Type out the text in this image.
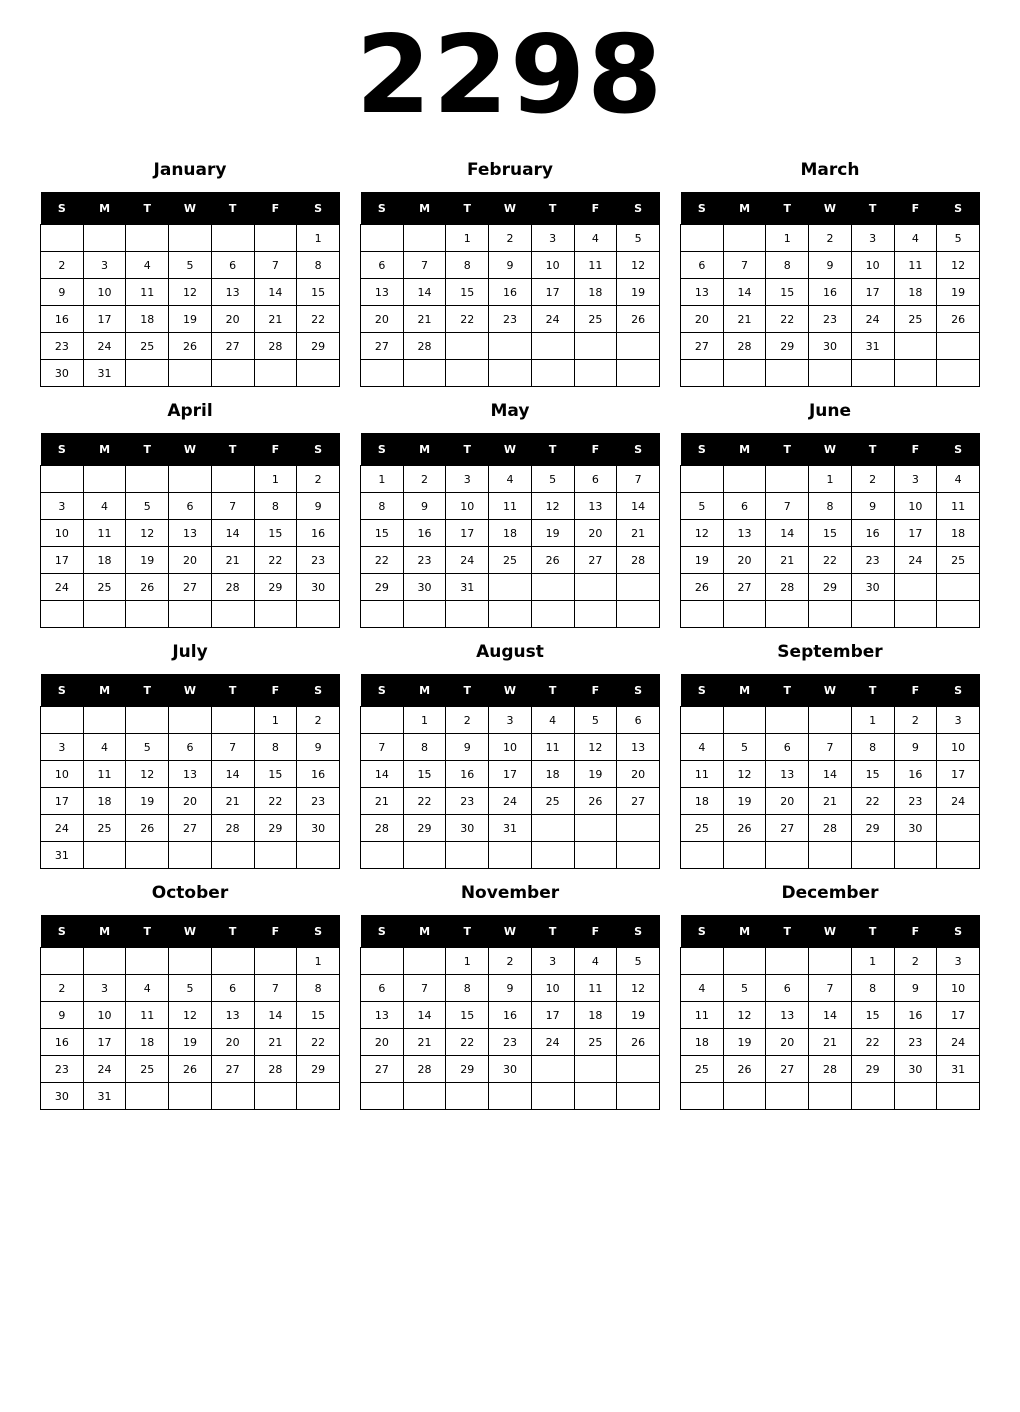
2298
January
S	M	T	W	T	F	S
						1
2	3	4	5	6	7	8
9	10	11	12	13	14	15
16	17	18	19	20	21	22
23	24	25	26	27	28	29
30	31					
February
S	M	T	W	T	F	S
		1	2	3	4	5
6	7	8	9	10	11	12
13	14	15	16	17	18	19
20	21	22	23	24	25	26
27	28					

March
S	M	T	W	T	F	S
		1	2	3	4	5
6	7	8	9	10	11	12
13	14	15	16	17	18	19
20	21	22	23	24	25	26
27	28	29	30	31		

April
S	M	T	W	T	F	S
					1	2
3	4	5	6	7	8	9
10	11	12	13	14	15	16
17	18	19	20	21	22	23
24	25	26	27	28	29	30

May
S	M	T	W	T	F	S
1	2	3	4	5	6	7
8	9	10	11	12	13	14
15	16	17	18	19	20	21
22	23	24	25	26	27	28
29	30	31				

June
S	M	T	W	T	F	S
			1	2	3	4
5	6	7	8	9	10	11
12	13	14	15	16	17	18
19	20	21	22	23	24	25
26	27	28	29	30		

July
S	M	T	W	T	F	S
					1	2
3	4	5	6	7	8	9
10	11	12	13	14	15	16
17	18	19	20	21	22	23
24	25	26	27	28	29	30
31						
August
S	M	T	W	T	F	S
	1	2	3	4	5	6
7	8	9	10	11	12	13
14	15	16	17	18	19	20
21	22	23	24	25	26	27
28	29	30	31			

September
S	M	T	W	T	F	S
				1	2	3
4	5	6	7	8	9	10
11	12	13	14	15	16	17
18	19	20	21	22	23	24
25	26	27	28	29	30	

October
S	M	T	W	T	F	S
						1
2	3	4	5	6	7	8
9	10	11	12	13	14	15
16	17	18	19	20	21	22
23	24	25	26	27	28	29
30	31					
November
S	M	T	W	T	F	S
		1	2	3	4	5
6	7	8	9	10	11	12
13	14	15	16	17	18	19
20	21	22	23	24	25	26
27	28	29	30			

December
S	M	T	W	T	F	S
				1	2	3
4	5	6	7	8	9	10
11	12	13	14	15	16	17
18	19	20	21	22	23	24
25	26	27	28	29	30	31
